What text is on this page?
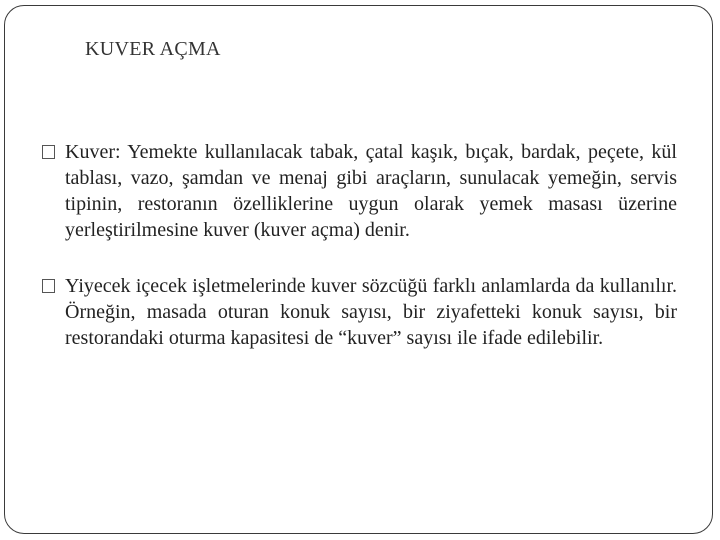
KUVER AÇMA
Kuver: Yemekte kullanılacak tabak, çatal kaşık, bıçak, bardak, peçete, kül tablası, vazo, şamdan ve menaj gibi araçların, sunulacak yemeğin, servis tipinin, restoranın özelliklerine uygun olarak yemek masası üzerine yerleştirilmesine kuver (kuver açma) denir.
Yiyecek içecek işletmelerinde kuver sözcüğü farklı anlamlarda da kullanılır. Örneğin, masada oturan konuk sayısı, bir ziyafetteki konuk sayısı, bir restorandaki oturma kapasitesi de “kuver” sayısı ile ifade edilebilir.
